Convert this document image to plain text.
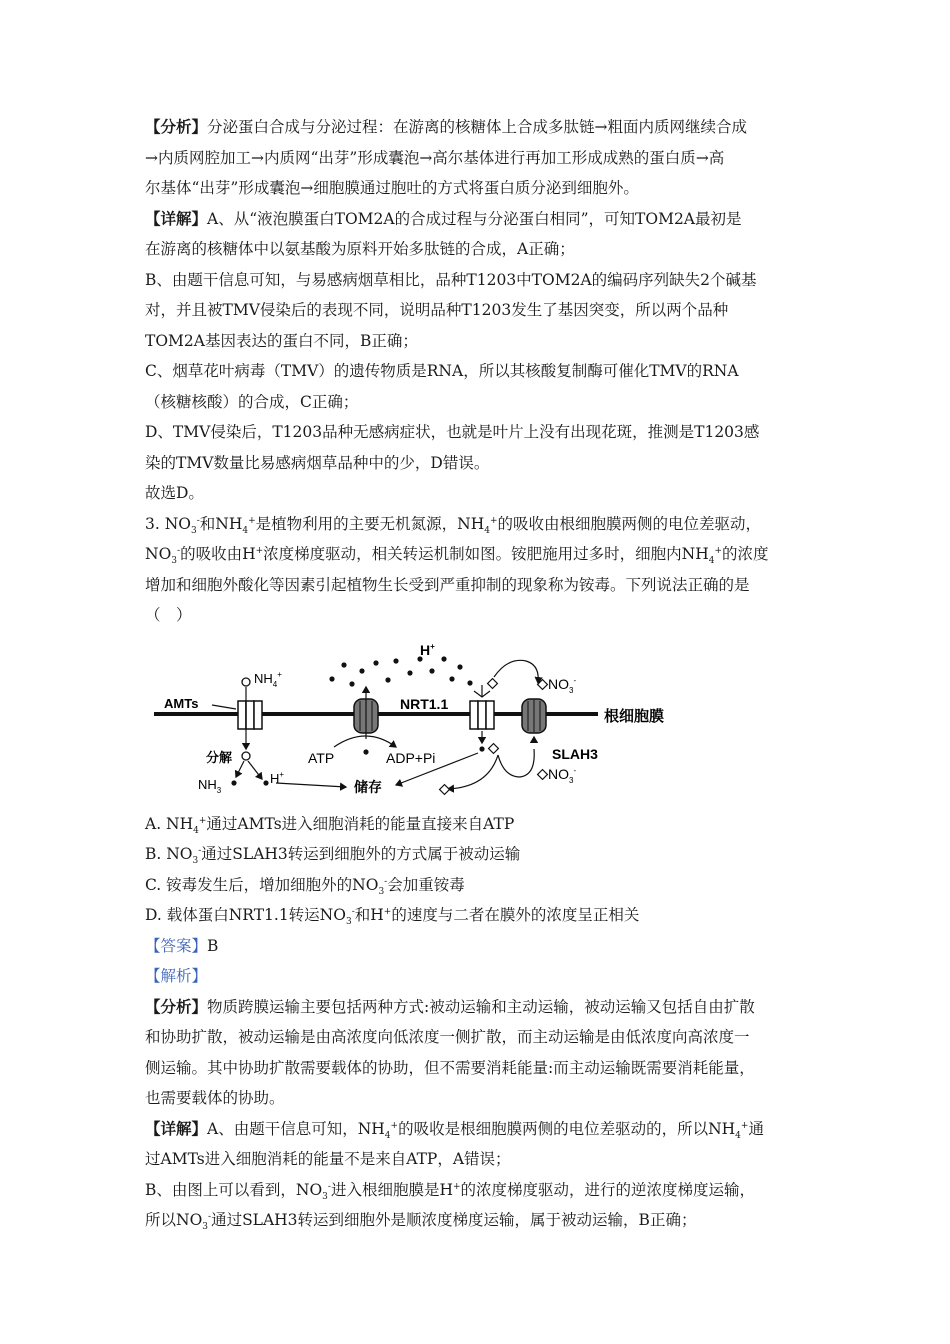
【分析】分泌蛋白合成与分泌过程：在游离的核糖体上合成多肽链→粗面内质网继续合成
→内质网腔加工→内质网“出芽”形成囊泡→高尔基体进行再加工形成成熟的蛋白质→高
尔基体“出芽”形成囊泡→细胞膜通过胞吐的方式将蛋白质分泌到细胞外。
【详解】A、从“液泡膜蛋白TOM2A的合成过程与分泌蛋白相同”，可知TOM2A最初是
在游离的核糖体中以氨基酸为原料开始多肽链的合成，A正确；
B、由题干信息可知，与易感病烟草相比，品种T1203中TOM2A的编码序列缺失2个碱基
对，并且被TMV侵染后的表现不同，说明品种T1203发生了基因突变，所以两个品种
TOM2A基因表达的蛋白不同，B正确；
C、烟草花叶病毒（TMV）的遗传物质是RNA，所以其核酸复制酶可催化TMV的RNA
（核糖核酸）的合成，C正确；
D、TMV侵染后，T1203品种无感病症状，也就是叶片上没有出现花斑，推测是T1203感
染的TMV数量比易感病烟草品种中的少，D错误。
故选D。
3. $NO_3^-$和$NH_4^+$是植物利用的主要无机氮源，$NH_4^+$的吸收由根细胞膜两侧的电位差驱动，
$NO_3^-$的吸收由H+浓度梯度驱动，相关转运机制如图。铵肥施用过多时，细胞内$NH_4^+$的浓度
增加和细胞外酸化等因素引起植物生长受到严重抑制的现象称为铵毒。下列说法正确的是
（　）
根细胞膜
AMTs
$NH_4^+$
分解
$NH_3$
H+
ATP	ADP+Pi
H+
NRT1.1
SLAH3
$NO_3^-$
$NO_3^-$
储存
A. $NH_4^+$通过AMTs进入细胞消耗的能量直接来自ATP
B. $NO_3^-$通过SLAH3转运到细胞外的方式属于被动运输
C. 铵毒发生后，增加细胞外的$NO_3^-$会加重铵毒
D. 载体蛋白NRT1.1转运$NO_3^-$和H+的速度与二者在膜外的浓度呈正相关
【答案】B
【解析】
【分析】物质跨膜运输主要包括两种方式:被动运输和主动运输，被动运输又包括自由扩散
和协助扩散，被动运输是由高浓度向低浓度一侧扩散，而主动运输是由低浓度向高浓度一
侧运输。其中协助扩散需要载体的协助，但不需要消耗能量:而主动运输既需要消耗能量，
也需要载体的协助。
【详解】A、由题干信息可知，$NH_4^+$的吸收是根细胞膜两侧的电位差驱动的，所以$NH_4^+$通
过AMTs进入细胞消耗的能量不是来自ATP，A错误；
B、由图上可以看到，$NO_3^-$进入根细胞膜是H+的浓度梯度驱动，进行的逆浓度梯度运输，
所以$NO_3^-$通过SLAH3转运到细胞外是顺浓度梯度运输，属于被动运输，B正确；
